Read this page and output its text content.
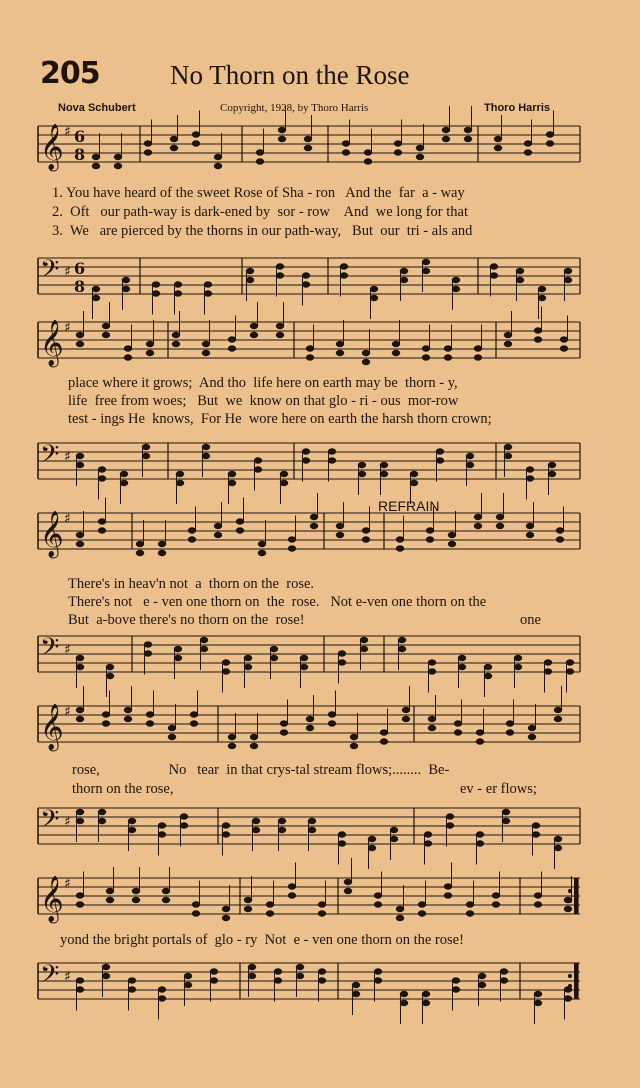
205	No Thorn on the Rose
Nova Schubert	Copyright, 1928, by Thoro Harris	Thoro Harris
𝄞 ♯ 6
8
𝄢 ♯ 6
8
𝄞 ♯
𝄢 ♯
𝄞 ♯
𝄢 ♯
𝄞 ♯
𝄢 ♯
𝄞 ♯
𝄢 ♯
1. You have heard of the sweet Rose of Sha - ron   And the  far  a - way
2.  Oft   our path-way is dark-ened by  sor - row    And  we long for that
3.  We   are pierced by the thorns in our path-way,   But  our  tri - als and
place where it grows;  And tho  life here on earth may be  thorn - y,
life  free from woes;   But  we  know on that glo - ri - ous  mor-row
test - ings He  knows,  For He  wore here on earth the harsh thorn crown;
REFRAIN
There's in heav'n not  a  thorn on the  rose.
There's not   e - ven one thorn on  the  rose.   Not e-ven one thorn on the
But  a-bove there's no thorn on the  rose!	one
rose,                   No   tear  in that crys-tal stream flows;........  Be-
thorn on the rose,	ev - er flows;
yond the bright portals of  glo - ry  Not  e - ven one thorn on the rose!
